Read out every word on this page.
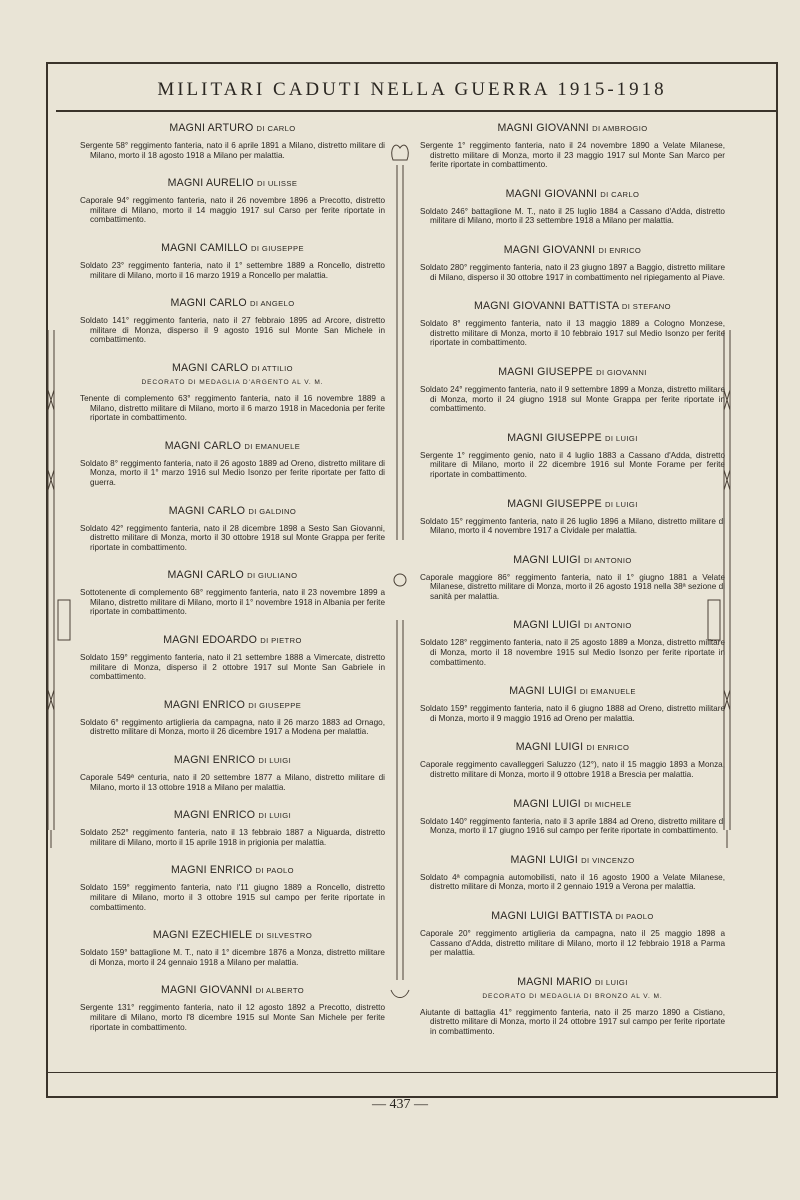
MILITARI CADUTI NELLA GUERRA 1915-1918
MAGNI ARTURO DI CARLO

Sergente 58° reggimento fanteria, nato il 6 aprile 1891 a Milano, distretto militare di Milano, morto il 18 agosto 1918 a Milano per malattia.

MAGNI AURELIO DI ULISSE

Caporale 94° reggimento fanteria, nato il 26 novembre 1896 a Precotto, distretto militare di Milano, morto il 14 maggio 1917 sul Carso per ferite riportate in combattimento.

MAGNI CAMILLO DI GIUSEPPE

Soldato 23° reggimento fanteria, nato il 1° settembre 1889 a Roncello, distretto militare di Milano, morto il 16 marzo 1919 a Roncello per malattia.

MAGNI CARLO DI ANGELO

Soldato 141° reggimento fanteria, nato il 27 febbraio 1895 ad Arcore, distretto militare di Monza, disperso il 9 agosto 1916 sul Monte San Michele in combattimento.

MAGNI CARLO DI ATTILIO
DECORATO DI MEDAGLIA D'ARGENTO AL V. M.

Tenente di complemento 63° reggimento fanteria, nato il 16 novembre 1889 a Milano, distretto militare di Milano, morto il 6 marzo 1918 in Macedonia per ferite riportate in combattimento.

MAGNI CARLO DI EMANUELE

Soldato 8° reggimento fanteria, nato il 26 agosto 1889 ad Oreno, distretto militare di Monza, morto il 1° marzo 1916 sul Medio Isonzo per ferite riportate per fatto di guerra.

MAGNI CARLO DI GALDINO

Soldato 42° reggimento fanteria, nato il 28 dicembre 1898 a Sesto San Giovanni, distretto militare di Monza, morto il 30 ottobre 1918 sul Monte Grappa per ferite riportate in combattimento.

MAGNI CARLO DI GIULIANO

Sottotenente di complemento 68° reggimento fanteria, nato il 23 novembre 1899 a Milano, distretto militare di Milano, morto il 1° novembre 1918 in Albania per ferite riportate in combattimento.

MAGNI EDOARDO DI PIETRO

Soldato 159° reggimento fanteria, nato il 21 settembre 1888 a Vimercate, distretto militare di Monza, disperso il 2 ottobre 1917 sul Monte San Gabriele in combattimento.

MAGNI ENRICO DI GIUSEPPE

Soldato 6° reggimento artiglieria da campagna, nato il 26 marzo 1883 ad Ornago, distretto militare di Monza, morto il 26 dicembre 1917 a Modena per malattia.

MAGNI ENRICO DI LUIGI

Caporale 549ª centuria, nato il 20 settembre 1877 a Milano, distretto militare di Milano, morto il 13 ottobre 1918 a Milano per malattia.

MAGNI ENRICO DI LUIGI

Soldato 252° reggimento fanteria, nato il 13 febbraio 1887 a Niguarda, distretto militare di Milano, morto il 15 aprile 1918 in prigionia per malattia.

MAGNI ENRICO DI PAOLO

Soldato 159° reggimento fanteria, nato l'11 giugno 1889 a Roncello, distretto militare di Milano, morto il 3 ottobre 1915 sul campo per ferite riportate in combattimento.

MAGNI EZECHIELE DI SILVESTRO

Soldato 159° battaglione M. T., nato il 1° dicembre 1876 a Monza, distretto militare di Monza, morto il 24 gennaio 1918 a Milano per malattia.

MAGNI GIOVANNI DI ALBERTO

Sergente 131° reggimento fanteria, nato il 12 agosto 1892 a Precotto, distretto militare di Milano, morto l'8 dicembre 1915 sul Monte San Michele per ferite riportate in combattimento.

MAGNI GIOVANNI DI AMBROGIO

Sergente 1° reggimento fanteria, nato il 24 novembre 1890 a Velate Milanese, distretto militare di Monza, morto il 23 maggio 1917 sul Monte San Marco per ferite riportate in combattimento.

MAGNI GIOVANNI DI CARLO

Soldato 246° battaglione M. T., nato il 25 luglio 1884 a Cassano d'Adda, distretto militare di Milano, morto il 23 settembre 1918 a Milano per malattia.

MAGNI GIOVANNI DI ENRICO

Soldato 280° reggimento fanteria, nato il 23 giugno 1897 a Baggio, distretto militare di Milano, disperso il 30 ottobre 1917 in combattimento nel ripiegamento al Piave.

MAGNI GIOVANNI BATTISTA DI STEFANO

Soldato 8° reggimento fanteria, nato il 13 maggio 1889 a Cologno Monzese, distretto militare di Monza, morto il 10 febbraio 1917 sul Medio Isonzo per ferite riportate in combattimento.

MAGNI GIUSEPPE DI GIOVANNI

Soldato 24° reggimento fanteria, nato il 9 settembre 1899 a Monza, distretto militare di Monza, morto il 24 giugno 1918 sul Monte Grappa per ferite riportate in combattimento.

MAGNI GIUSEPPE DI LUIGI

Sergente 1° reggimento genio, nato il 4 luglio 1883 a Cassano d'Adda, distretto militare di Milano, morto il 22 dicembre 1916 sul Monte Forame per ferite riportate in combattimento.

MAGNI GIUSEPPE DI LUIGI

Soldato 15° reggimento fanteria, nato il 26 luglio 1896 a Milano, distretto militare di Milano, morto il 4 novembre 1917 a Cividale per malattia.

MAGNI LUIGI DI ANTONIO

Caporale maggiore 86° reggimento fanteria, nato il 1° giugno 1881 a Velate Milanese, distretto militare di Monza, morto il 26 agosto 1918 nella 38ª sezione di sanità per malattia.

MAGNI LUIGI DI ANTONIO

Soldato 128° reggimento fanteria, nato il 25 agosto 1889 a Monza, distretto militare di Monza, morto il 18 novembre 1915 sul Medio Isonzo per ferite riportate in combattimento.

MAGNI LUIGI DI EMANUELE

Soldato 159° reggimento fanteria, nato il 6 giugno 1888 ad Oreno, distretto militare di Monza, morto il 9 maggio 1916 ad Oreno per malattia.

MAGNI LUIGI DI ENRICO

Caporale reggimento cavalleggeri Saluzzo (12°), nato il 15 maggio 1893 a Monza, distretto militare di Monza, morto il 9 ottobre 1918 a Brescia per malattia.

MAGNI LUIGI DI MICHELE

Soldato 140° reggimento fanteria, nato il 3 aprile 1884 ad Oreno, distretto militare di Monza, morto il 17 giugno 1916 sul campo per ferite riportate in combattimento.

MAGNI LUIGI DI VINCENZO

Soldato 4ª compagnia automobilisti, nato il 16 agosto 1900 a Velate Milanese, distretto militare di Monza, morto il 2 gennaio 1919 a Verona per malattia.

MAGNI LUIGI BATTISTA DI PAOLO

Caporale 20° reggimento artiglieria da campagna, nato il 25 maggio 1898 a Cassano d'Adda, distretto militare di Milano, morto il 12 febbraio 1918 a Parma per malattia.

MAGNI MARIO DI LUIGI
DECORATO DI MEDAGLIA DI BRONZO AL V. M.

Aiutante di battaglia 41° reggimento fanteria, nato il 25 marzo 1890 a Cistiano, distretto militare di Monza, morto il 24 ottobre 1917 sul campo per ferite riportate in combattimento.

— 437 —
